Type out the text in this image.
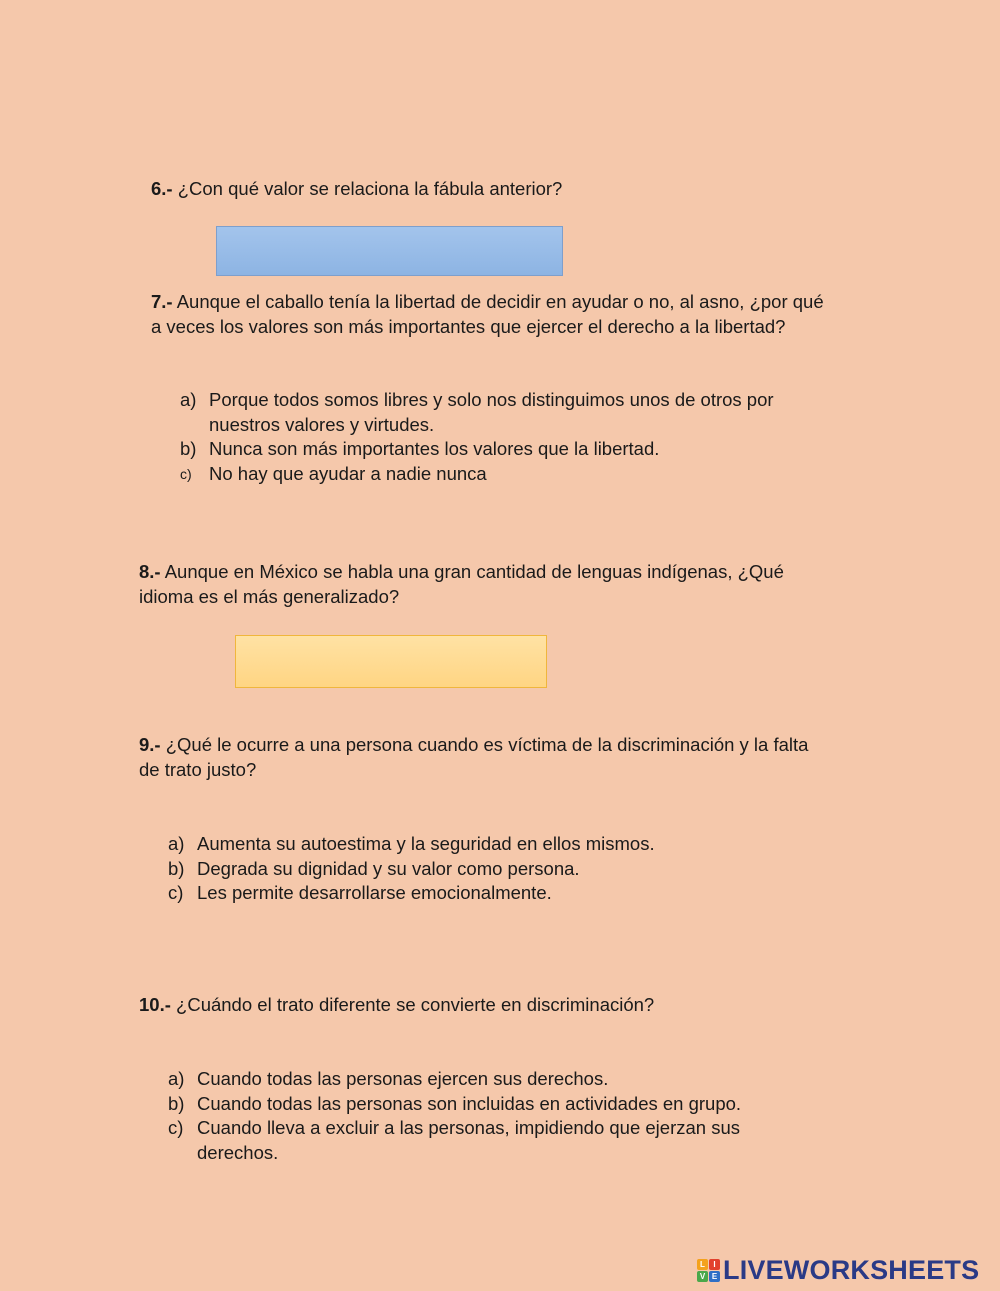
6.- ¿Con qué valor se relaciona la fábula anterior?

7.- Aunque el caballo tenía la libertad de decidir en ayudar o no, al asno, ¿por qué
a veces los valores son más importantes que ejercer el derecho a la libertad?

a) Porque todos somos libres y solo nos distinguimos unos de otros por
nuestros valores y virtudes.
b) Nunca son más importantes los valores que la libertad.
c) No hay que ayudar a nadie nunca

8.- Aunque en México se habla una gran cantidad de lenguas indígenas, ¿Qué
idioma es el más generalizado?

9.- ¿Qué le ocurre a una persona cuando es víctima de la discriminación y la falta
de trato justo?

a) Aumenta su autoestima y la seguridad en ellos mismos.
b) Degrada su dignidad y su valor como persona.
c) Les permite desarrollarse emocionalmente.

10.- ¿Cuándo el trato diferente se convierte en discriminación?

a) Cuando todas las personas ejercen sus derechos.
b) Cuando todas las personas son incluidas en actividades en grupo.
c) Cuando lleva a excluir a las personas, impidiendo que ejerzan sus
derechos.
L	I
V E LIVEWORKSHEETS
